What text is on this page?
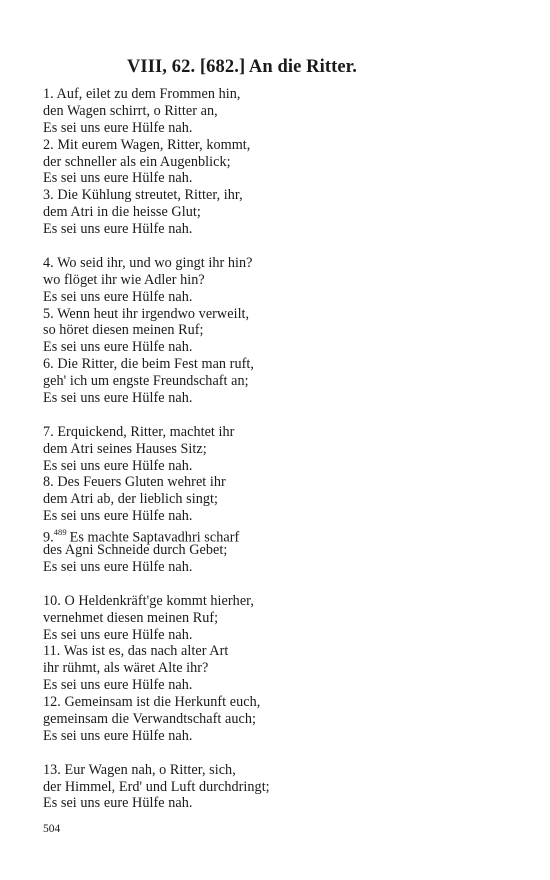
VIII, 62. [682.] An die Ritter.
1. Auf, eilet zu dem Frommen hin,
den Wagen schirrt, o Ritter an,
Es sei uns eure Hülfe nah.
2. Mit eurem Wagen, Ritter, kommt,
der schneller als ein Augenblick;
Es sei uns eure Hülfe nah.
3. Die Kühlung streutet, Ritter, ihr,
dem Atri in die heisse Glut;
Es sei uns eure Hülfe nah.
4. Wo seid ihr, und wo gingt ihr hin?
wo flöget ihr wie Adler hin?
Es sei uns eure Hülfe nah.
5. Wenn heut ihr irgendwo verweilt,
so höret diesen meinen Ruf;
Es sei uns eure Hülfe nah.
6. Die Ritter, die beim Fest man ruft,
geh' ich um engste Freundschaft an;
Es sei uns eure Hülfe nah.
7. Erquickend, Ritter, machtet ihr
dem Atri seines Hauses Sitz;
Es sei uns eure Hülfe nah.
8. Des Feuers Gluten wehret ihr
dem Atri ab, der lieblich singt;
Es sei uns eure Hülfe nah.
9.$^{489}$ Es machte Saptavadhri scharf
des Agni Schneide durch Gebet;
Es sei uns eure Hülfe nah.
10. O Heldenkräft'ge kommt hierher,
vernehmet diesen meinen Ruf;
Es sei uns eure Hülfe nah.
11. Was ist es, das nach alter Art
ihr rühmt, als wäret Alte ihr?
Es sei uns eure Hülfe nah.
12. Gemeinsam ist die Herkunft euch,
gemeinsam die Verwandtschaft auch;
Es sei uns eure Hülfe nah.
13. Eur Wagen nah, o Ritter, sich,
der Himmel, Erd' und Luft durchdringt;
Es sei uns eure Hülfe nah.
504
